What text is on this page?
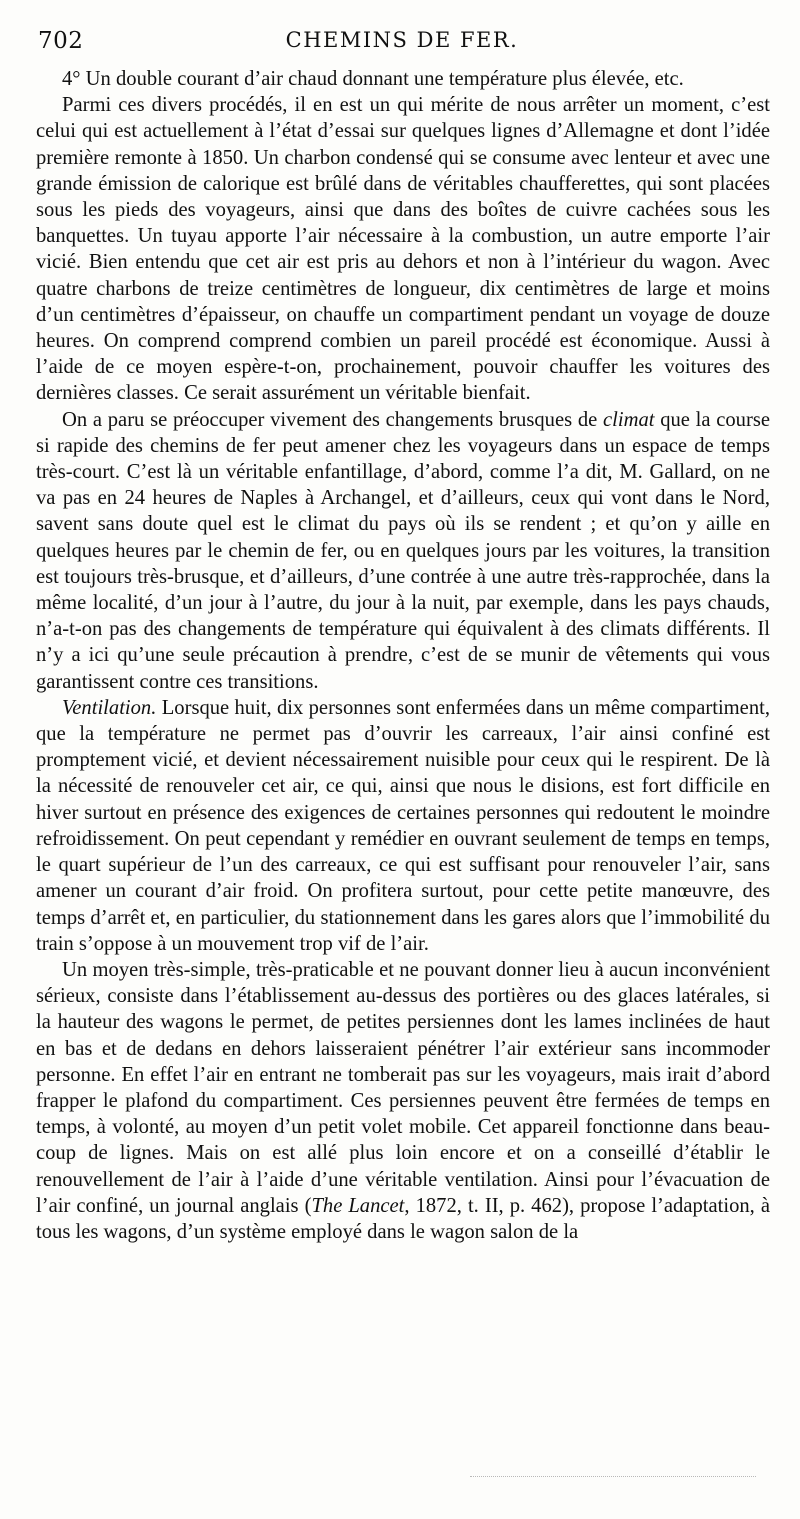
702	CHEMINS DE FER.

4° Un double courant d’air chaud donnant une température plus élevée, etc.

Parmi ces divers procédés, il en est un qui mérite de nous arrêter un moment, c’est celui qui est actuellement à l’état d’essai sur quelques lignes d’Allemagne et dont l’idée première remonte à 1850. Un charbon condensé qui se consume avec lenteur et avec une grande émission de calorique est brûlé dans de véritables chaufferettes, qui sont placées sous les pieds des voyageurs, ainsi que dans des boîtes de cuivre cachées sous les banquettes. Un tuyau apporte l’air nécessaire à la combustion, un autre emporte l’air vicié. Bien entendu que cet air est pris au dehors et non à l’intérieur du wagon. Avec quatre charbons de treize centimètres de longueur, dix centimètres de large et moins d’un centimètres d’épaisseur, on chauffe un compartiment pendant un voyage de douze heures. On comprend comprend combien un pareil procédé est économique. Aussi à l’aide de ce moyen espère-t-on, prochainement, pouvoir chauffer les voitures des dernières classes. Ce serait assurément un véritable bienfait.

On a paru se préoccuper vivement des changements brusques de climat que la course si rapide des chemins de fer peut amener chez les voyageurs dans un espace de temps très-court. C’est là un véritable enfantillage, d’abord, comme l’a dit, M. Gallard, on ne va pas en 24 heures de Naples à Archangel, et d’ailleurs, ceux qui vont dans le Nord, savent sans doute quel est le climat du pays où ils se rendent ; et qu’on y aille en quelques heures par le chemin de fer, ou en quelques jours par les voitures, la transition est toujours très-brusque, et d’ailleurs, d’une contrée à une autre très-rapprochée, dans la même localité, d’un jour à l’autre, du jour à la nuit, par exemple, dans les pays chauds, n’a-t-on pas des changements de température qui équivalent à des climats différents. Il n’y a ici qu’une seule précaution à prendre, c’est de se munir de vêtements qui vous garantissent contre ces transitions.

Ventilation. Lorsque huit, dix personnes sont enfermées dans un même compartiment, que la température ne permet pas d’ouvrir les carreaux, l’air ainsi confiné est promptement vicié, et devient nécessairement nuisible pour ceux qui le respirent. De là la nécessité de renouveler cet air, ce qui, ainsi que nous le disions, est fort difficile en hiver surtout en présence des exigences de certaines personnes qui redoutent le moindre refroidissement. On peut cependant y remédier en ouvrant seulement de temps en temps, le quart supérieur de l’un des carreaux, ce qui est suffisant pour renouveler l’air, sans amener un courant d’air froid. On profitera surtout, pour cette petite manœuvre, des temps d’arrêt et, en particulier, du stationnement dans les gares alors que l’immobilité du train s’oppose à un mouvement trop vif de l’air.

Un moyen très-simple, très-praticable et ne pouvant donner lieu à aucun inconvénient sérieux, consiste dans l’établissement au-dessus des portières ou des glaces latérales, si la hauteur des wagons le permet, de petites persiennes dont les lames inclinées de haut en bas et de dedans en dehors laisseraient pénétrer l’air extérieur sans incommoder personne. En effet l’air en entrant ne tomberait pas sur les voyageurs, mais irait d’abord frapper le plafond du compartiment. Ces persiennes peuvent être fermées de temps en temps, à volonté, au moyen d’un petit volet mobile. Cet appareil fonctionne dans beaucoup de lignes. Mais on est allé plus loin encore et on a conseillé d’établir le renouvellement de l’air à l’aide d’une véritable ventilation. Ainsi pour l’évacuation de l’air confiné, un journal anglais (The Lancet, 1872, t. II, p. 462), propose l’adaptation, à tous les wagons, d’un système employé dans le wagon salon de la
